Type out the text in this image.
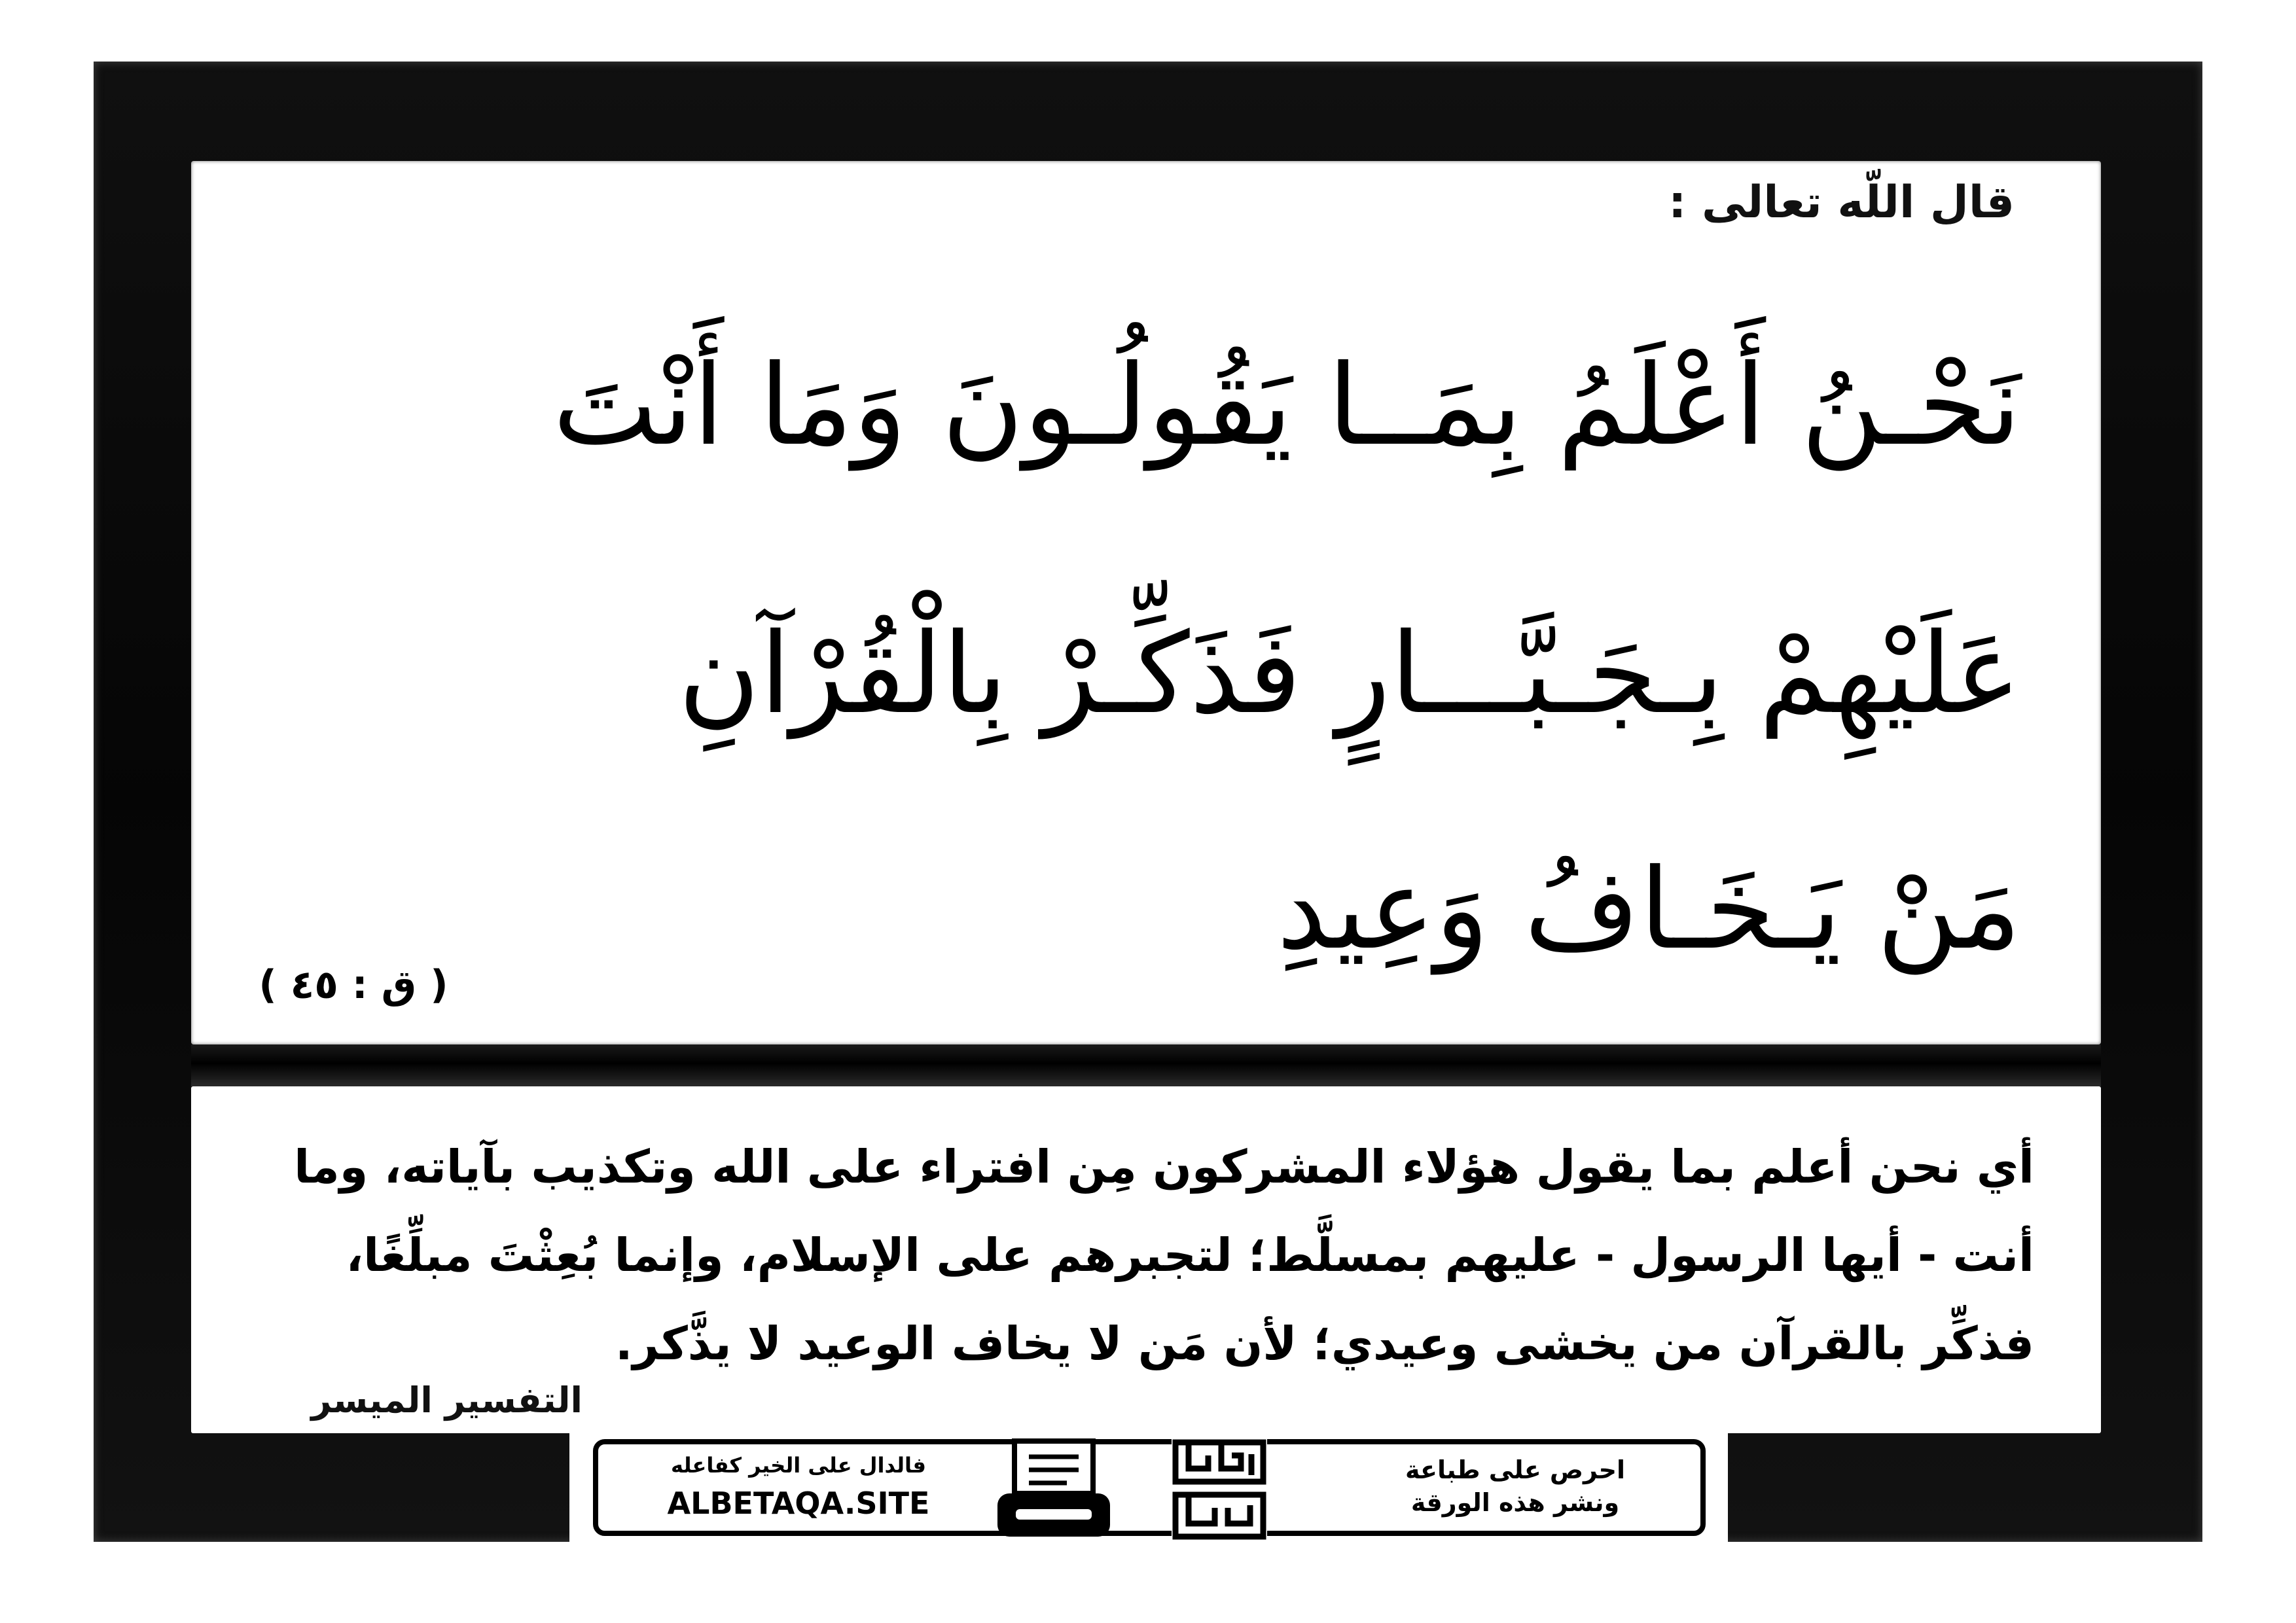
قال اللّه تعالى :
نَحْـنُ أَعْلَمُ بِمَــا يَقُولُـونَ وَمَا أَنْتَ
عَلَيْهِمْ بِـجَـبَّـــارٍ فَذَكِّـرْ بِالْقُرْآنِ
مَنْ يَـخَـافُ وَعِيدِ
( ق : ٤٥ )
أي نحن أعلم بما يقول هؤلاء المشركون مِن افتراء على الله وتكذيب بآياته، وما
أنت - أيها الرسول - عليهم بمسلَّط؛ لتجبرهم على الإسلام، وإنما بُعِثْتَ مبلِّغًا،
فذكِّر بالقرآن من يخشى وعيدي؛ لأن مَن لا يخاف الوعيد لا يذَّكر.
التفسير الميسر
فالدال على الخير كفاعله
ALBETAQA.SITE
احرص على طباعة
ونشر هذه الورقة
